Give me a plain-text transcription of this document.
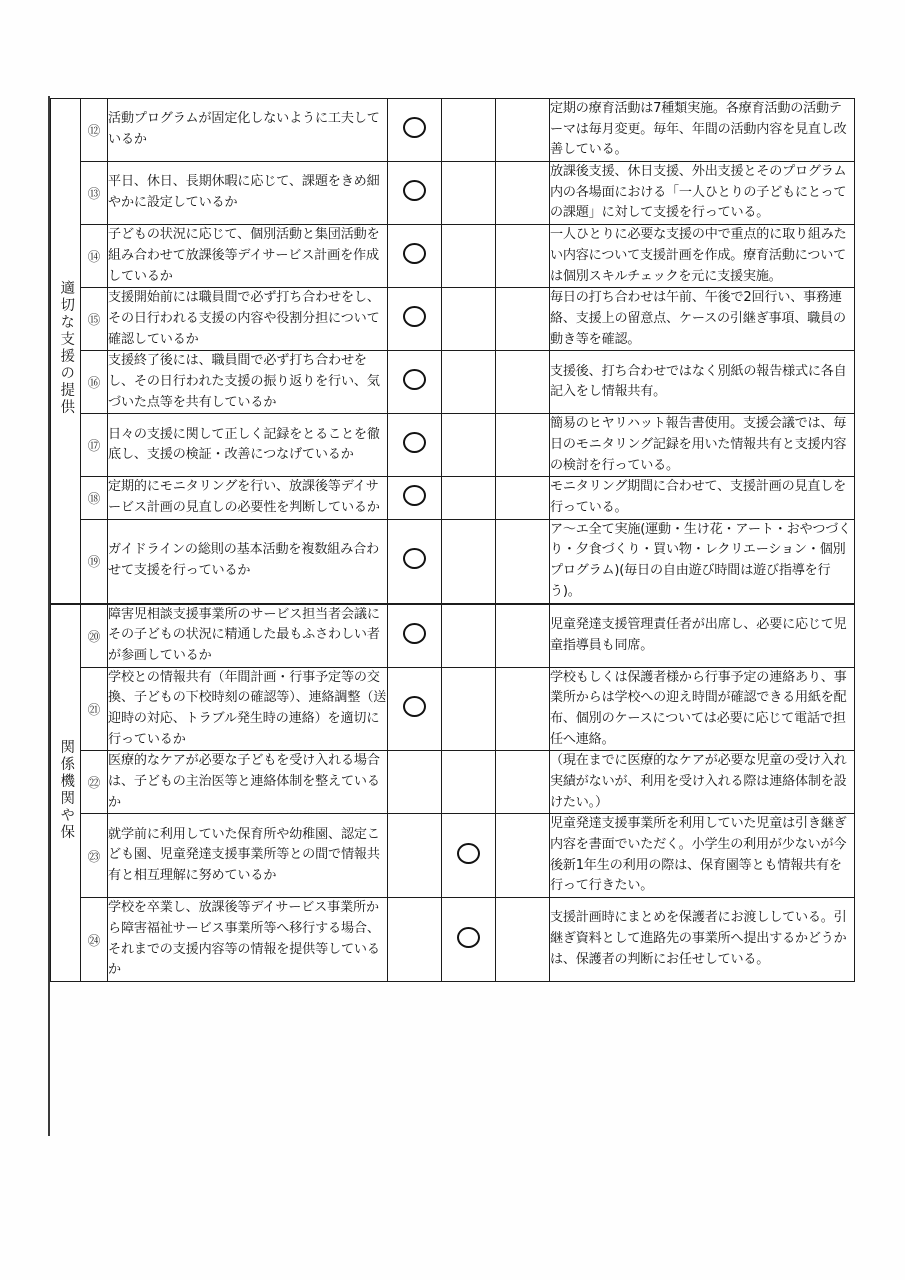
適切な支援の提供	⑫	活動プログラムが固定化しないように工夫しているか				定期の療育活動は7種類実施。各療育活動の活動テーマは毎月変更。毎年、年間の活動内容を見直し改善している。
	⑬	平日、休日、長期休暇に応じて、課題をきめ細やかに設定しているか				放課後支援、休日支援、外出支援とそのプログラム内の各場面における「一人ひとりの子どもにとっての課題」に対して支援を行っている。
	⑭	子どもの状況に応じて、個別活動と集団活動を組み合わせて放課後等デイサービス計画を作成しているか				一人ひとりに必要な支援の中で重点的に取り組みたい内容について支援計画を作成。療育活動については個別スキルチェックを元に支援実施。
	⑮	支援開始前には職員間で必ず打ち合わせをし、その日行われる支援の内容や役割分担について確認しているか				毎日の打ち合わせは午前、午後で2回行い、事務連絡、支援上の留意点、ケースの引継ぎ事項、職員の動き等を確認。
	⑯	支援終了後には、職員間で必ず打ち合わせをし、その日行われた支援の振り返りを行い、気づいた点等を共有しているか				支援後、打ち合わせではなく別紙の報告様式に各自記入をし情報共有。
	⑰	日々の支援に関して正しく記録をとることを徹底し、支援の検証・改善につなげているか				簡易のヒヤリハット報告書使用。支援会議では、毎日のモニタリング記録を用いた情報共有と支援内容の検討を行っている。
	⑱	定期的にモニタリングを行い、放課後等デイサービス計画の見直しの必要性を判断しているか				モニタリング期間に合わせて、支援計画の見直しを行っている。
	⑲	ガイドラインの総則の基本活動を複数組み合わせて支援を行っているか				ア～エ全て実施(運動・生け花・アート・おやつづくり・夕食づくり・買い物・レクリエーション・個別プログラム)(毎日の自由遊び時間は遊び指導を行う)。
関係機関や保	⑳	障害児相談支援事業所のサービス担当者会議にその子どもの状況に精通した最もふさわしい者が参画しているか				児童発達支援管理責任者が出席し、必要に応じて児童指導員も同席。
	㉑	学校との情報共有（年間計画・行事予定等の交換、子どもの下校時刻の確認等）、連絡調整（送迎時の対応、トラブル発生時の連絡）を適切に行っているか				学校もしくは保護者様から行事予定の連絡あり、事業所からは学校への迎え時間が確認できる用紙を配布、個別のケースについては必要に応じて電話で担任へ連絡。
	㉒	医療的なケアが必要な子どもを受け入れる場合は、子どもの主治医等と連絡体制を整えているか				（現在までに医療的なケアが必要な児童の受け入れ実績がないが、利用を受け入れる際は連絡体制を設けたい。）
	㉓	就学前に利用していた保育所や幼稚園、認定こども園、児童発達支援事業所等との間で情報共有と相互理解に努めているか				児童発達支援事業所を利用していた児童は引き継ぎ内容を書面でいただく。小学生の利用が少ないが今後新1年生の利用の際は、保育園等とも情報共有を行って行きたい。
	㉔	学校を卒業し、放課後等デイサービス事業所から障害福祉サービス事業所等へ移行する場合、それまでの支援内容等の情報を提供等しているか				支援計画時にまとめを保護者にお渡ししている。引継ぎ資料として進路先の事業所へ提出するかどうかは、保護者の判断にお任せしている。
